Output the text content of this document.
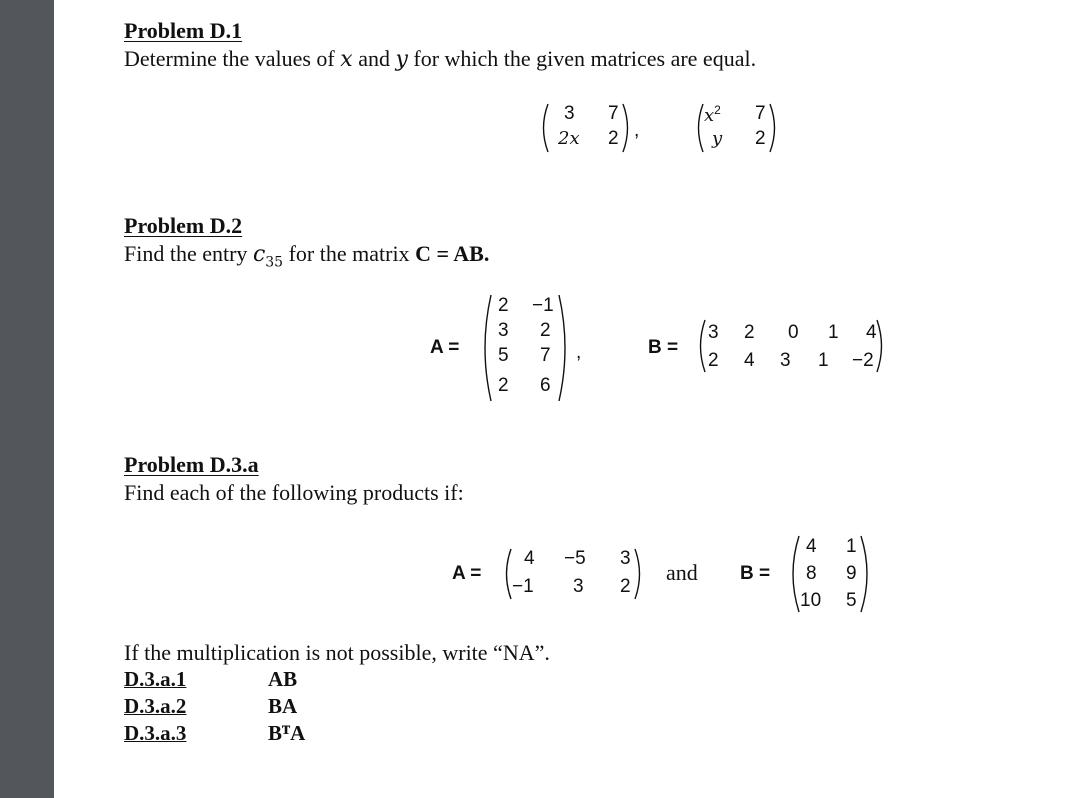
Problem D.1
Determine the values of x and y for which the given matrices are equal.
3 7
2x 2 ,
$x^2$ 7
y 2
Problem D.2
Find the entry $c_{35}$ for the matrix C = AB.
A =
2 −1
3 2
5 7
2 6
,	B =
3 2 0 1 4
2 4 3 1 −2
Problem D.3.a
Find each of the following products if:
A =
4 −5 3
−1 3 2
and B =
4 1
8 9
10 5
If the multiplication is not possible, write “NA”.
D.3.a.1	AB
D.3.a.2	BA
D.3.a.3	BᵀA
